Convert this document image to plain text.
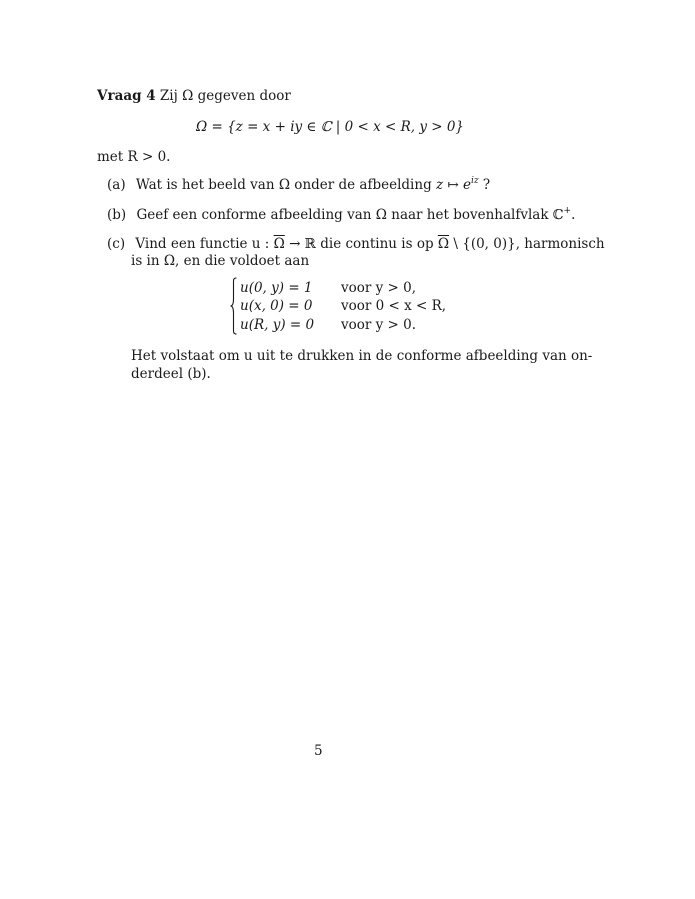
Vraag 4 Zij Ω gegeven door
Ω = {z = x + iy ∈ ℂ | 0 < x < R, y > 0}
met R > 0.
(a) Wat is het beeld van Ω onder de afbeelding z ↦ $e^{iz}$ ?
(b) Geef een conforme afbeelding van Ω naar het bovenhalfvlak ℂ+.
(c) Vind een functie u : $\overline{\Omega}$ → ℝ die continu is op $\overline{\Omega}$ \ {(0, 0)}, harmonisch
is in Ω, en die voldoet aan
u(0, y) = 1 voor y > 0,
u(x, 0) = 0 voor 0 < x < R,
u(R, y) = 0 voor y > 0.
Het volstaat om u uit te drukken in de conforme afbeelding van on-
derdeel (b).
5
